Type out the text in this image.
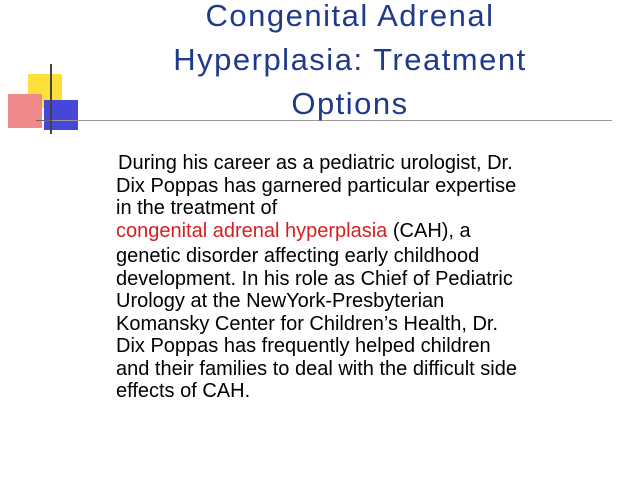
Congenital Adrenal
Hyperplasia: Treatment
Options
During his career as a pediatric urologist, Dr.
Dix Poppas has garnered particular expertise
in the treatment of
congenital adrenal hyperplasia (CAH), a
genetic disorder affecting early childhood
development. In his role as Chief of Pediatric
Urology at the NewYork-Presbyterian
Komansky Center for Children’s Health, Dr.
Dix Poppas has frequently helped children
and their families to deal with the difficult side
effects of CAH.
